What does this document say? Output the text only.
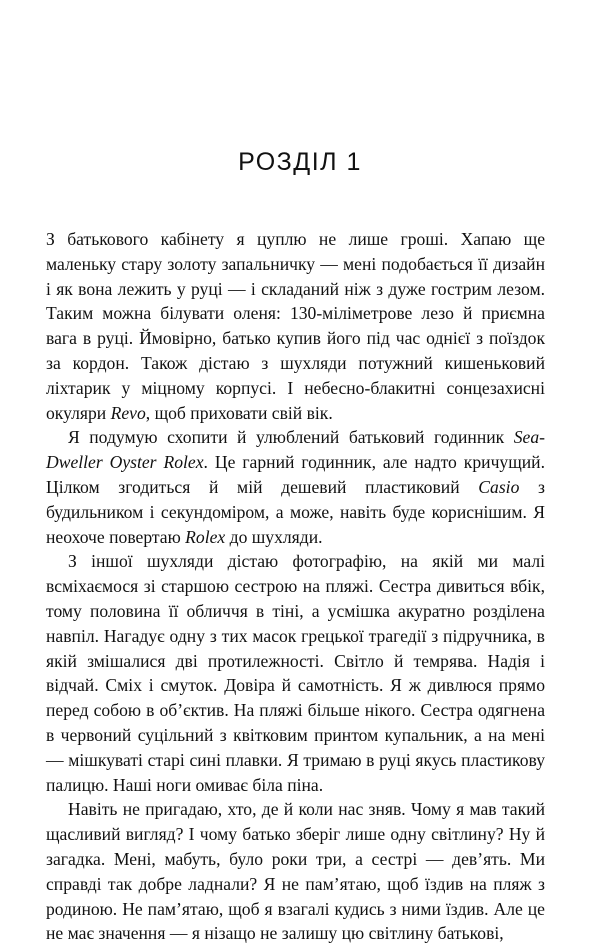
РОЗДІЛ 1

З батькового кабінету я цуплю не лише гроші. Хапаю ще маленьку стару золоту запальничку — мені подобається її дизайн і як вона лежить у руці — і складаний ніж з дуже гострим лезом. Таким можна білувати оленя: 130-міліметрове лезо й приємна вага в руці. Ймовірно, батько купив його під час однієї з поїздок за кордон. Також дістаю з шухляди потужний кишеньковий ліхтарик у міцному корпусі. І небесно-блакитні сонцезахисні окуляри Revo, щоб приховати свій вік.

Я подумую схопити й улюблений батьковий годинник Sea-Dweller Oyster Rolex. Це гарний годинник, але надто кричущий. Цілком згодиться й мій дешевий пластиковий Casio з будильником і секундоміром, а може, навіть буде кориснішим. Я неохоче повертаю Rolex до шухляди.

З іншої шухляди дістаю фотографію, на якій ми малі всміхаємося зі старшою сестрою на пляжі. Сестра дивиться вбік, тому половина її обличчя в тіні, а усмішка акуратно розділена навпіл. Нагадує одну з тих масок грецької трагедії з підручника, в якій змішалися дві протилежності. Світло й темрява. Надія і відчай. Сміх і смуток. Довіра й самотність. Я ж дивлюся прямо перед собою в об’єктив. На пляжі більше нікого. Сестра одягнена в червоний суцільний з квітковим принтом купальник, а на мені — мішкуваті старі сині плавки. Я тримаю в руці якусь пластикову палицю. Наші ноги омиває біла піна.

Навіть не пригадаю, хто, де й коли нас зняв. Чому я мав такий щасливий вигляд? І чому батько зберіг лише одну світлину? Ну й загадка. Мені, мабуть, було роки три, а сестрі — дев’ять. Ми справді так добре ладнали? Я не пам’ятаю, щоб їздив на пляж з родиною. Не пам’ятаю, щоб я взагалі кудись з ними їздив. Але це не має значення — я нізащо не залишу цю світлину батькові,
